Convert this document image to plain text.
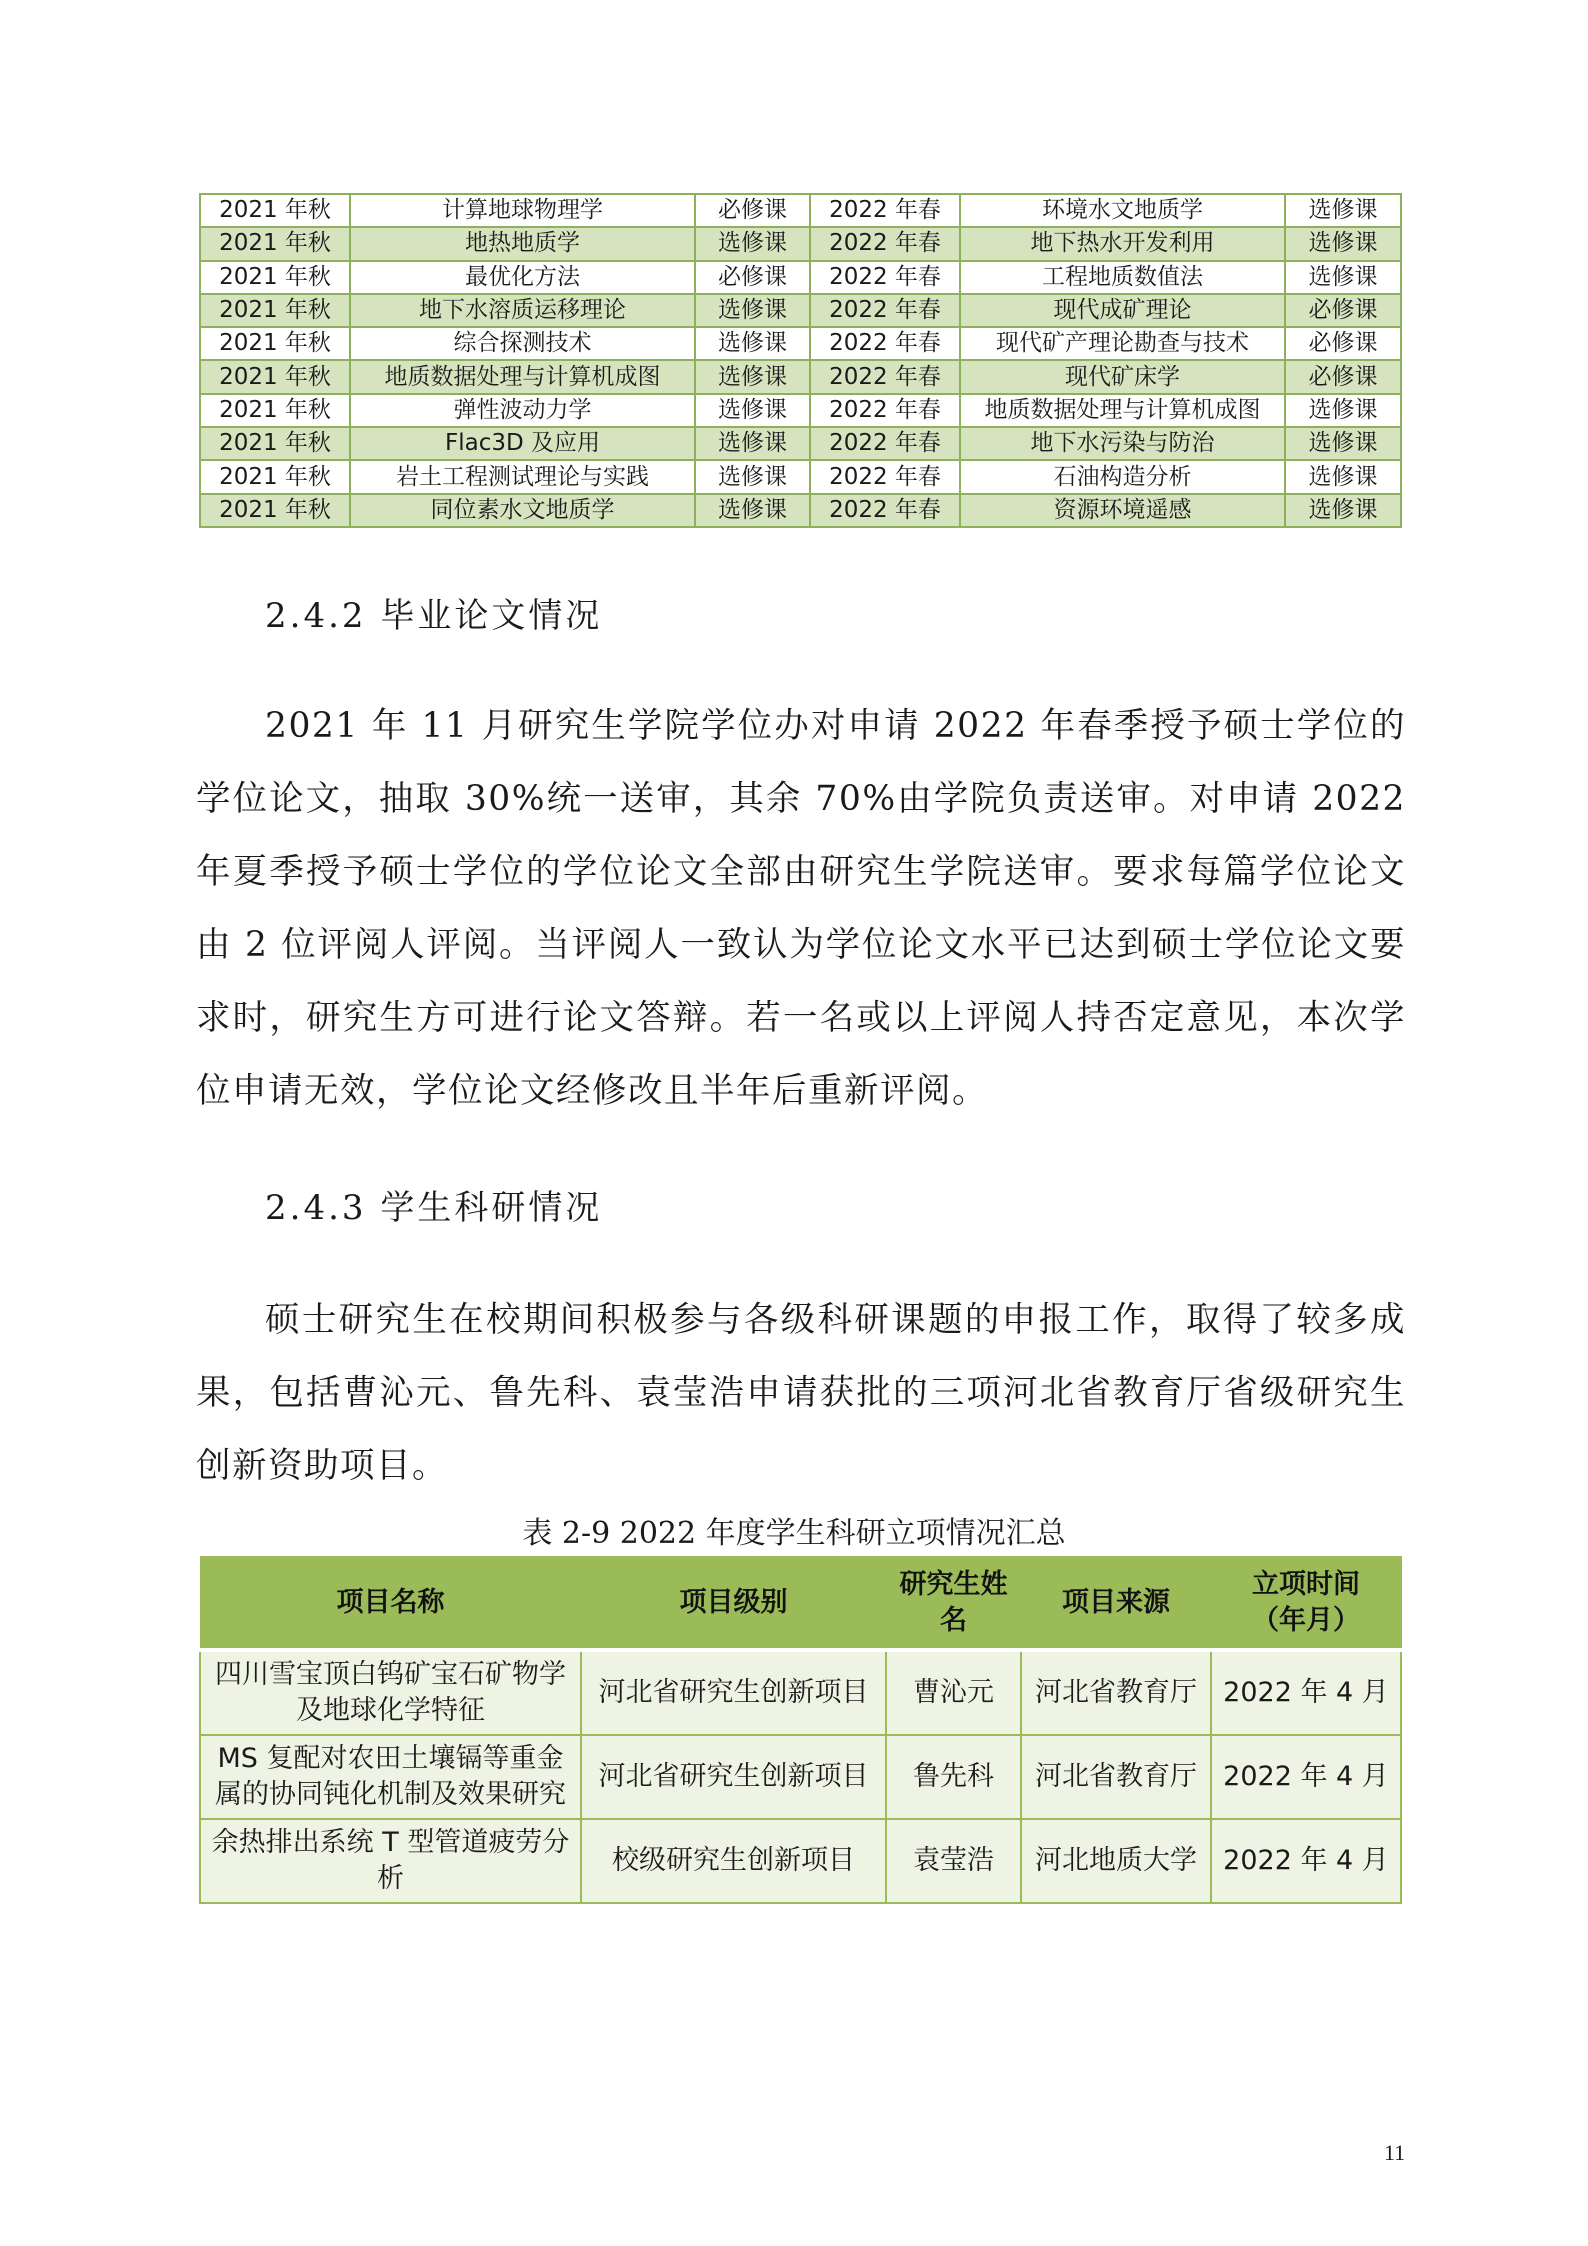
2021 年秋	计算地球物理学	必修课	2022 年春	环境水文地质学	选修课
2021 年秋	地热地质学	选修课	2022 年春	地下热水开发利用	选修课
2021 年秋	最优化方法	必修课	2022 年春	工程地质数值法	选修课
2021 年秋	地下水溶质运移理论	选修课	2022 年春	现代成矿理论	必修课
2021 年秋	综合探测技术	选修课	2022 年春	现代矿产理论勘查与技术	必修课
2021 年秋	地质数据处理与计算机成图	选修课	2022 年春	现代矿床学	必修课
2021 年秋	弹性波动力学	选修课	2022 年春	地质数据处理与计算机成图	选修课
2021 年秋	Flac3D 及应用	选修课	2022 年春	地下水污染与防治	选修课
2021 年秋	岩土工程测试理论与实践	选修课	2022 年春	石油构造分析	选修课
2021 年秋	同位素水文地质学	选修课	2022 年春	资源环境遥感	选修课
2.4.2 毕业论文情况

2021 年 11 月研究生学院学位办对申请 2022 年春季授予硕士学位的学位论文，抽取 30%统一送审，其余 70%由学院负责送审。对申请 2022 年夏季授予硕士学位的学位论文全部由研究生学院送审。要求每篇学位论文由 2 位评阅人评阅。当评阅人一致认为学位论文水平已达到硕士学位论文要求时，研究生方可进行论文答辩。若一名或以上评阅人持否定意见，本次学位申请无效，学位论文经修改且半年后重新评阅。

2.4.3 学生科研情况

硕士研究生在校期间积极参与各级科研课题的申报工作，取得了较多成果，包括曹沁元、鲁先科、袁莹浩申请获批的三项河北省教育厅省级研究生创新资助项目。

表 2-9 2022 年度学生科研立项情况汇总

项目名称	项目级别	研究生姓名	项目来源	立项时间（年月）
四川雪宝顶白钨矿宝石矿物学及地球化学特征	河北省研究生创新项目	曹沁元	河北省教育厅	2022 年 4 月
MS 复配对农田土壤镉等重金属的协同钝化机制及效果研究	河北省研究生创新项目	鲁先科	河北省教育厅	2022 年 4 月
余热排出系统 T 型管道疲劳分析	校级研究生创新项目	袁莹浩	河北地质大学	2022 年 4 月
11
